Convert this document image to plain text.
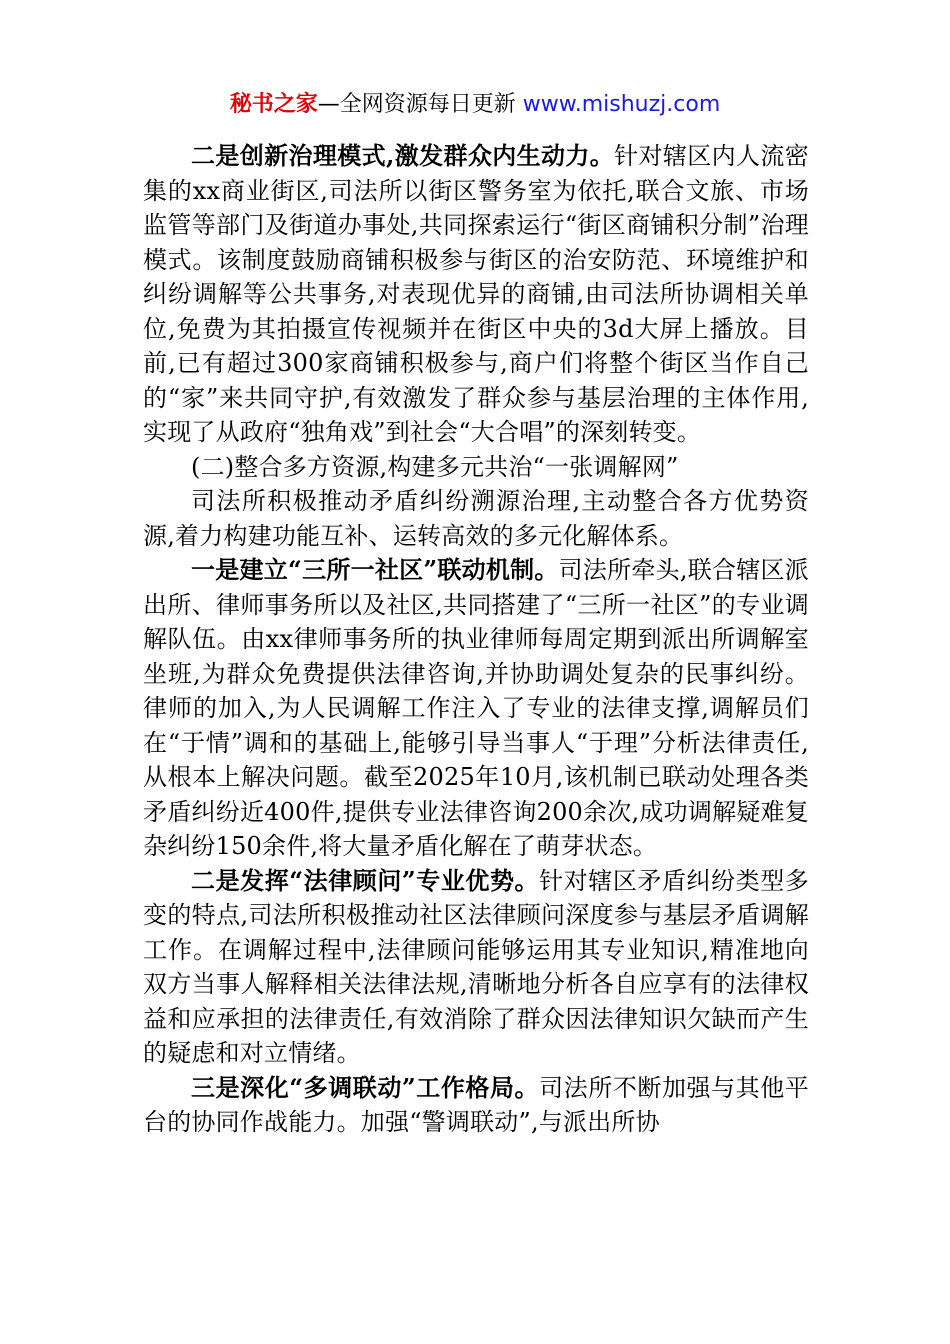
秘书之家—全网资源每日更新 www.mishuzj.com

二是创新治理模式,激发群众内生动力。针对辖区内人流密集的xx商业街区,司法所以街区警务室为依托,联合文旅、市场监管等部门及街道办事处,共同探索运行“街区商铺积分制”治理模式。该制度鼓励商铺积极参与街区的治安防范、环境维护和纠纷调解等公共事务,对表现优异的商铺,由司法所协调相关单位,免费为其拍摄宣传视频并在街区中央的3d大屏上播放。目前,已有超过300家商铺积极参与,商户们将整个街区当作自己的“家”来共同守护,有效激发了群众参与基层治理的主体作用,实现了从政府“独角戏”到社会“大合唱”的深刻转变。

(二)整合多方资源,构建多元共治“一张调解网”

司法所积极推动矛盾纠纷溯源治理,主动整合各方优势资源,着力构建功能互补、运转高效的多元化解体系。

一是建立“三所一社区”联动机制。司法所牵头,联合辖区派出所、律师事务所以及社区,共同搭建了“三所一社区”的专业调解队伍。由xx律师事务所的执业律师每周定期到派出所调解室坐班,为群众免费提供法律咨询,并协助调处复杂的民事纠纷。律师的加入,为人民调解工作注入了专业的法律支撑,调解员们在“于情”调和的基础上,能够引导当事人“于理”分析法律责任,从根本上解决问题。截至2025年10月,该机制已联动处理各类矛盾纠纷近400件,提供专业法律咨询200余次,成功调解疑难复杂纠纷150余件,将大量矛盾化解在了萌芽状态。

二是发挥“法律顾问”专业优势。针对辖区矛盾纠纷类型多变的特点,司法所积极推动社区法律顾问深度参与基层矛盾调解工作。在调解过程中,法律顾问能够运用其专业知识,精准地向双方当事人解释相关法律法规,清晰地分析各自应享有的法律权益和应承担的法律责任,有效消除了群众因法律知识欠缺而产生的疑虑和对立情绪。

三是深化“多调联动”工作格局。司法所不断加强与其他平台的协同作战能力。加强“警调联动”,与派出所协
